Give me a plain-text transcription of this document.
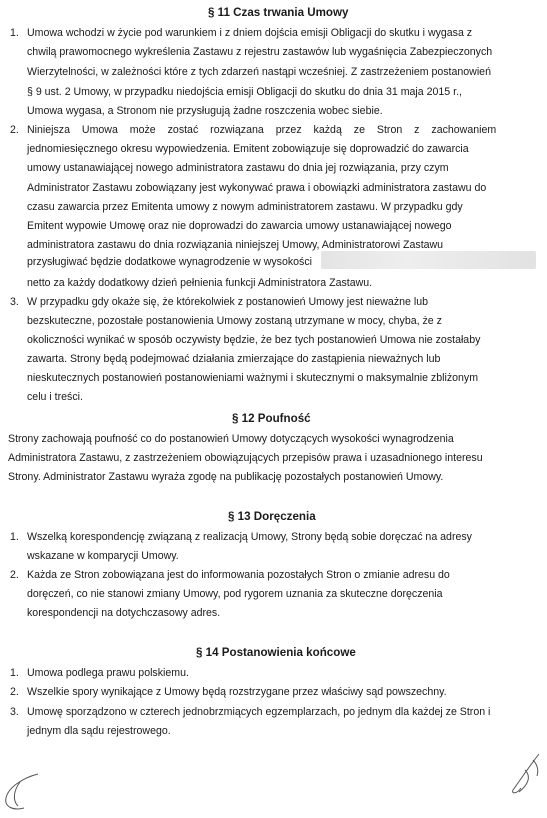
§ 11 Czas trwania Umowy
1. Umowa wchodzi w życie pod warunkiem i z dniem dojścia emisji Obligacji do skutku i wygasa z
chwilą prawomocnego wykreślenia Zastawu z rejestru zastawów lub wygaśnięcia Zabezpieczonych
Wierzytelności, w zależności które z tych zdarzeń nastąpi wcześniej. Z zastrzeżeniem postanowień
§ 9 ust. 2 Umowy, w przypadku niedojścia emisji Obligacji do skutku do dnia 31 maja 2015 r.,
Umowa wygasa, a Stronom nie przysługują żadne roszczenia wobec siebie.
2. Niniejsza Umowa może zostać rozwiązana przez każdą ze Stron z zachowaniem
jednomiesięcznego okresu wypowiedzenia. Emitent zobowiązuje się doprowadzić do zawarcia
umowy ustanawiającej nowego administratora zastawu do dnia jej rozwiązania, przy czym
Administrator Zastawu zobowiązany jest wykonywać prawa i obowiązki administratora zastawu do
czasu zawarcia przez Emitenta umowy z nowym administratorem zastawu. W przypadku gdy
Emitent wypowie Umowę oraz nie doprowadzi do zawarcia umowy ustanawiającej nowego
administratora zastawu do dnia rozwiązania niniejszej Umowy, Administratorowi Zastawu
przysługiwać będzie dodatkowe wynagrodzenie w wysokości
netto za każdy dodatkowy dzień pełnienia funkcji Administratora Zastawu.
3. W przypadku gdy okaże się, że którekolwiek z postanowień Umowy jest nieważne lub
bezskuteczne, pozostałe postanowienia Umowy zostaną utrzymane w mocy, chyba, że z
okoliczności wynikać w sposób oczywisty będzie, że bez tych postanowień Umowa nie zostałaby
zawarta. Strony będą podejmować działania zmierzające do zastąpienia nieważnych lub
nieskutecznych postanowień postanowieniami ważnymi i skutecznymi o maksymalnie zbliżonym
celu i treści.
§ 12 Poufność
Strony zachowają poufność co do postanowień Umowy dotyczących wysokości wynagrodzenia
Administratora Zastawu, z zastrzeżeniem obowiązujących przepisów prawa i uzasadnionego interesu
Strony. Administrator Zastawu wyraża zgodę na publikację pozostałych postanowień Umowy.
§ 13 Doręczenia
1. Wszelką korespondencję związaną z realizacją Umowy, Strony będą sobie doręczać na adresy
wskazane w komparycji Umowy.
2. Każda ze Stron zobowiązana jest do informowania pozostałych Stron o zmianie adresu do
doręczeń, co nie stanowi zmiany Umowy, pod rygorem uznania za skuteczne doręczenia
korespondencji na dotychczasowy adres.
§ 14 Postanowienia końcowe
1. Umowa podlega prawu polskiemu.
2. Wszelkie spory wynikające z Umowy będą rozstrzygane przez właściwy sąd powszechny.
3. Umowę sporządzono w czterech jednobrzmiących egzemplarzach, po jednym dla każdej ze Stron i
jednym dla sądu rejestrowego.
